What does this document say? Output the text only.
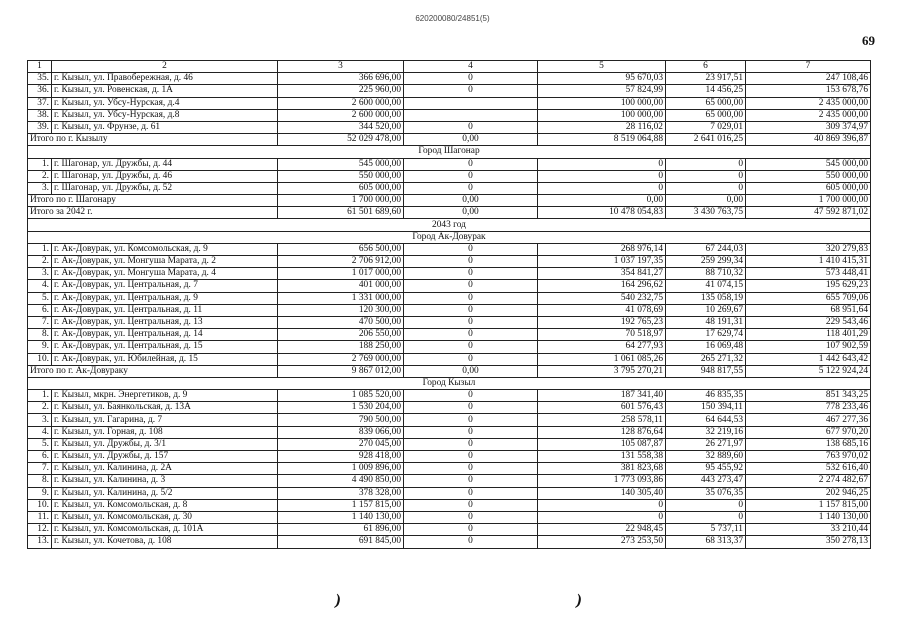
620200080/24851(5)
69
1	2	3	4	5	6	7
35.	г. Кызыл, ул. Правобережная, д. 46	366 696,00	0	95 670,03	23 917,51	247 108,46
36.	г. Кызыл, ул. Ровенская, д. 1А	225 960,00	0	57 824,99	14 456,25	153 678,76
37.	г. Кызыл, ул. Убсу-Нурская, д.4	2 600 000,00		100 000,00	65 000,00	2 435 000,00
38.	г. Кызыл, ул. Убсу-Нурская, д.8	2 600 000,00		100 000,00	65 000,00	2 435 000,00
39.	г. Кызыл, ул. Фрунзе, д. 61	344 520,00	0	28 116,02	7 029,01	309 374,97
Итого по г. Кызылу		52 029 478,00	0,00	8 519 064,88	2 641 016,25	40 869 396,87
Город Шагонар						
1.	г. Шагонар, ул. Дружбы, д. 44	545 000,00	0	0	0	545 000,00
2.	г. Шагонар, ул. Дружбы, д. 46	550 000,00	0	0	0	550 000,00
3.	г. Шагонар, ул. Дружбы, д. 52	605 000,00	0	0	0	605 000,00
Итого по г. Шагонару		1 700 000,00	0,00	0,00	0,00	1 700 000,00
Итого за 2042 г.		61 501 689,60	0,00	10 478 054,83	3 430 763,75	47 592 871,02
2043 год						
Город Ак-Довурак						
1.	г. Ак-Довурак, ул. Комсомольская, д. 9	656 500,00	0	268 976,14	67 244,03	320 279,83
2.	г. Ак-Довурак, ул. Монгуша Марата, д. 2	2 706 912,00	0	1 037 197,35	259 299,34	1 410 415,31
3.	г. Ак-Довурак, ул. Монгуша Марата, д. 4	1 017 000,00	0	354 841,27	88 710,32	573 448,41
4.	г. Ак-Довурак, ул. Центральная, д. 7	401 000,00	0	164 296,62	41 074,15	195 629,23
5.	г. Ак-Довурак, ул. Центральная, д. 9	1 331 000,00	0	540 232,75	135 058,19	655 709,06
6.	г. Ак-Довурак, ул. Центральная, д. 11	120 300,00	0	41 078,69	10 269,67	68 951,64
7.	г. Ак-Довурак, ул. Центральная, д. 13	470 500,00	0	192 765,23	48 191,31	229 543,46
8.	г. Ак-Довурак, ул. Центральная, д. 14	206 550,00	0	70 518,97	17 629,74	118 401,29
9.	г. Ак-Довурак, ул. Центральная, д. 15	188 250,00	0	64 277,93	16 069,48	107 902,59
10.	г. Ак-Довурак, ул. Юбилейная, д. 15	2 769 000,00	0	1 061 085,26	265 271,32	1 442 643,42
Итого по г. Ак-Довураку		9 867 012,00	0,00	3 795 270,21	948 817,55	5 122 924,24
Город Кызыл						
1.	г. Кызыл, мкрн. Энергетиков, д. 9	1 085 520,00	0	187 341,40	46 835,35	851 343,25
2.	г. Кызыл, ул. Баянкольская, д. 13А	1 530 204,00	0	601 576,43	150 394,11	778 233,46
3.	г. Кызыл, ул. Гагарина, д. 7	790 500,00	0	258 578,11	64 644,53	467 277,36
4.	г. Кызыл, ул. Горная, д. 108	839 066,00	0	128 876,64	32 219,16	677 970,20
5.	г. Кызыл, ул. Дружбы, д. 3/1	270 045,00	0	105 087,87	26 271,97	138 685,16
6.	г. Кызыл, ул. Дружбы, д. 157	928 418,00	0	131 558,38	32 889,60	763 970,02
7.	г. Кызыл, ул. Калинина, д. 2А	1 009 896,00	0	381 823,68	95 455,92	532 616,40
8.	г. Кызыл, ул. Калинина, д. 3	4 490 850,00	0	1 773 093,86	443 273,47	2 274 482,67
9.	г. Кызыл, ул. Калинина, д. 5/2	378 328,00	0	140 305,40	35 076,35	202 946,25
10.	г. Кызыл, ул. Комсомольская, д. 8	1 157 815,00	0	0	0	1 157 815,00
11.	г. Кызыл, ул. Комсомольская, д. 30	1 140 130,00	0	0	0	1 140 130,00
12.	г. Кызыл, ул. Комсомольская, д. 101А	61 896,00	0	22 948,45	5 737,11	33 210,44
13.	г. Кызыл, ул. Кочетова, д. 108	691 845,00	0	273 253,50	68 313,37	350 278,13
)	)
